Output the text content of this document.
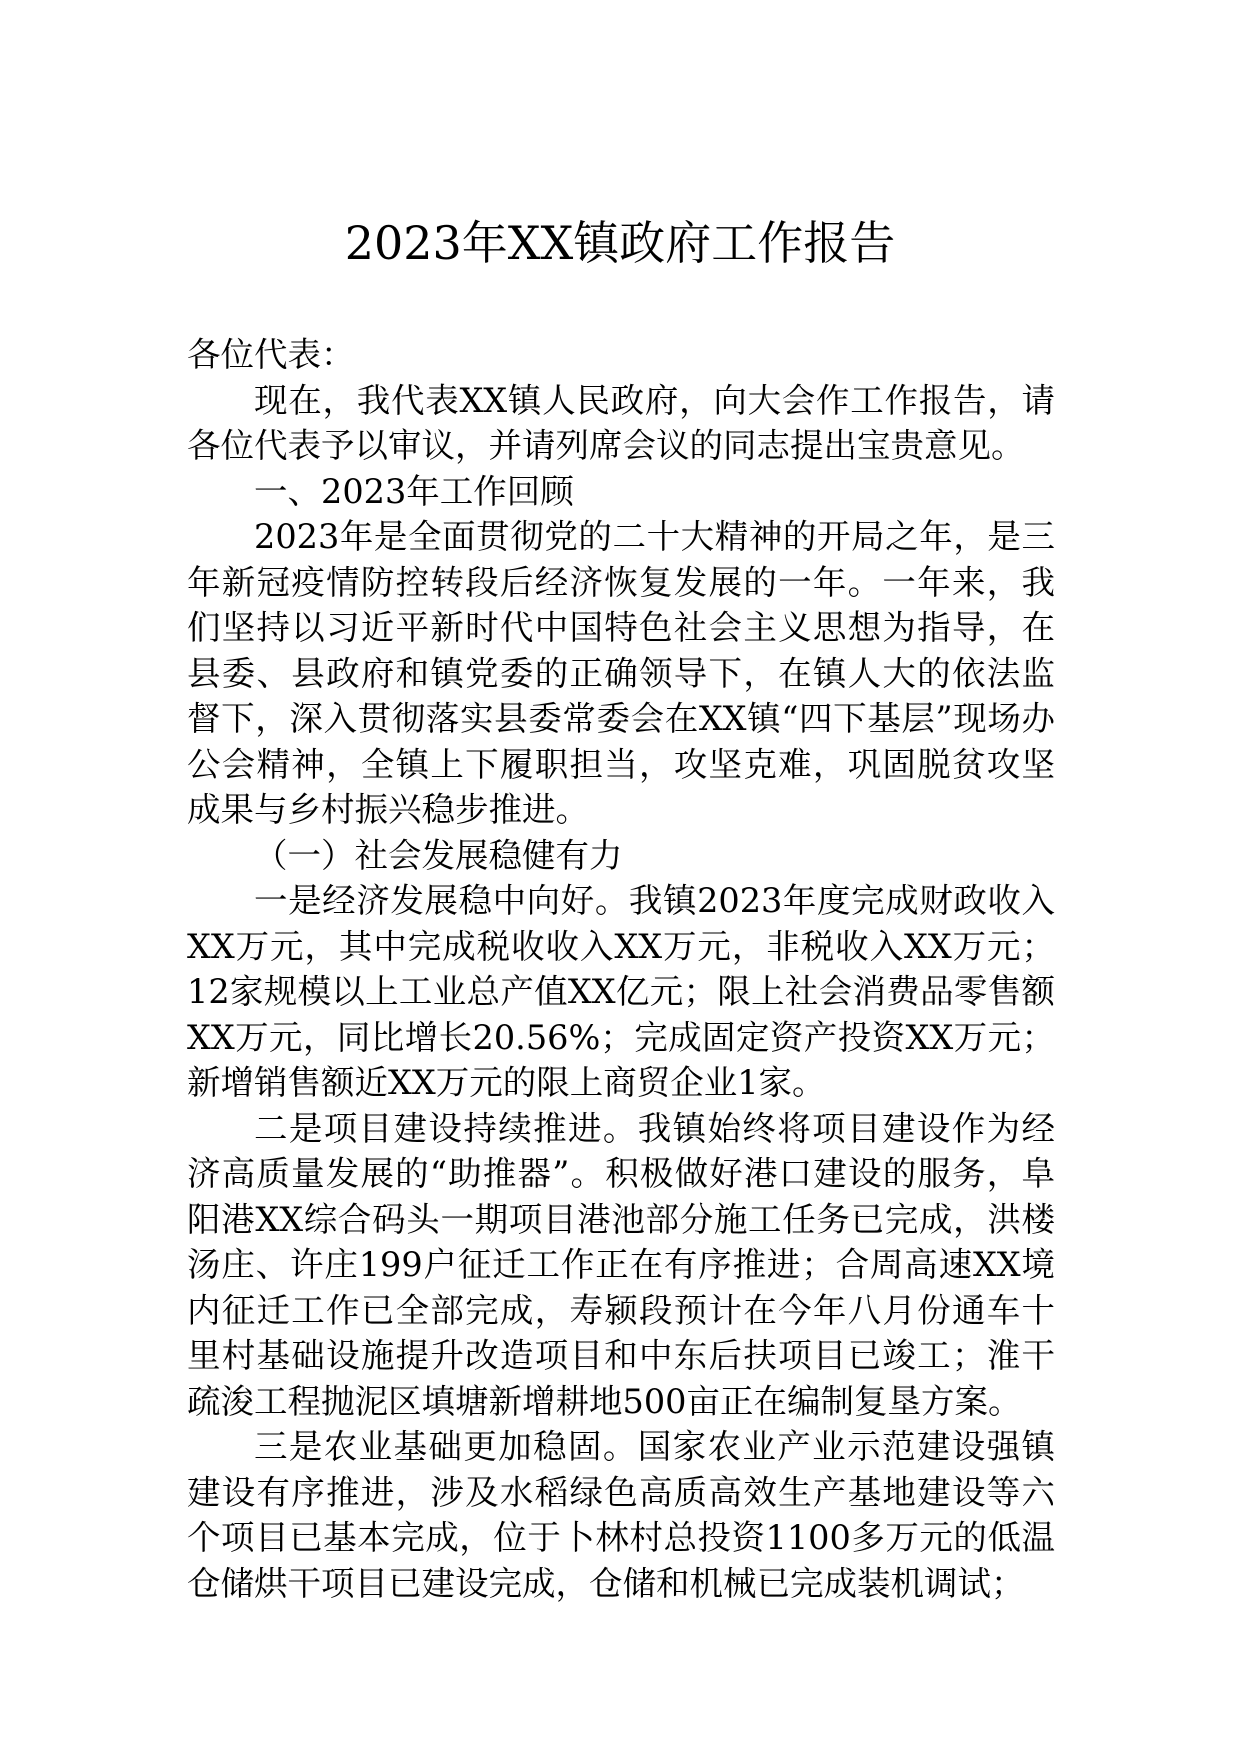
2023年XX镇政府工作报告

各位代表：

现在，我代表XX镇人民政府，向大会作工作报告，请各位代表予以审议，并请列席会议的同志提出宝贵意见。

一、2023年工作回顾

2023年是全面贯彻党的二十大精神的开局之年，是三年新冠疫情防控转段后经济恢复发展的一年。一年来，我们坚持以习近平新时代中国特色社会主义思想为指导，在县委、县政府和镇党委的正确领导下，在镇人大的依法监督下，深入贯彻落实县委常委会在XX镇“四下基层”现场办公会精神，全镇上下履职担当，攻坚克难，巩固脱贫攻坚成果与乡村振兴稳步推进。

（一）社会发展稳健有力

一是经济发展稳中向好。我镇2023年度完成财政收入XX万元，其中完成税收收入XX万元，非税收入XX万元；12家规模以上工业总产值XX亿元；限上社会消费品零售额XX万元，同比增长20.56%；完成固定资产投资XX万元；新增销售额近XX万元的限上商贸企业1家。

二是项目建设持续推进。我镇始终将项目建设作为经济高质量发展的“助推器”。积极做好港口建设的服务，阜阳港XX综合码头一期项目港池部分施工任务已完成，洪楼汤庄、许庄199户征迁工作正在有序推进；合周高速XX境内征迁工作已全部完成，寿颍段预计在今年八月份通车十里村基础设施提升改造项目和中东后扶项目已竣工；淮干疏浚工程抛泥区填塘新增耕地500亩正在编制复垦方案。

三是农业基础更加稳固。国家农业产业示范建设强镇建设有序推进，涉及水稻绿色高质高效生产基地建设等六个项目已基本完成，位于卜林村总投资1100多万元的低温仓储烘干项目已建设完成，仓储和机械已完成装机调试；
